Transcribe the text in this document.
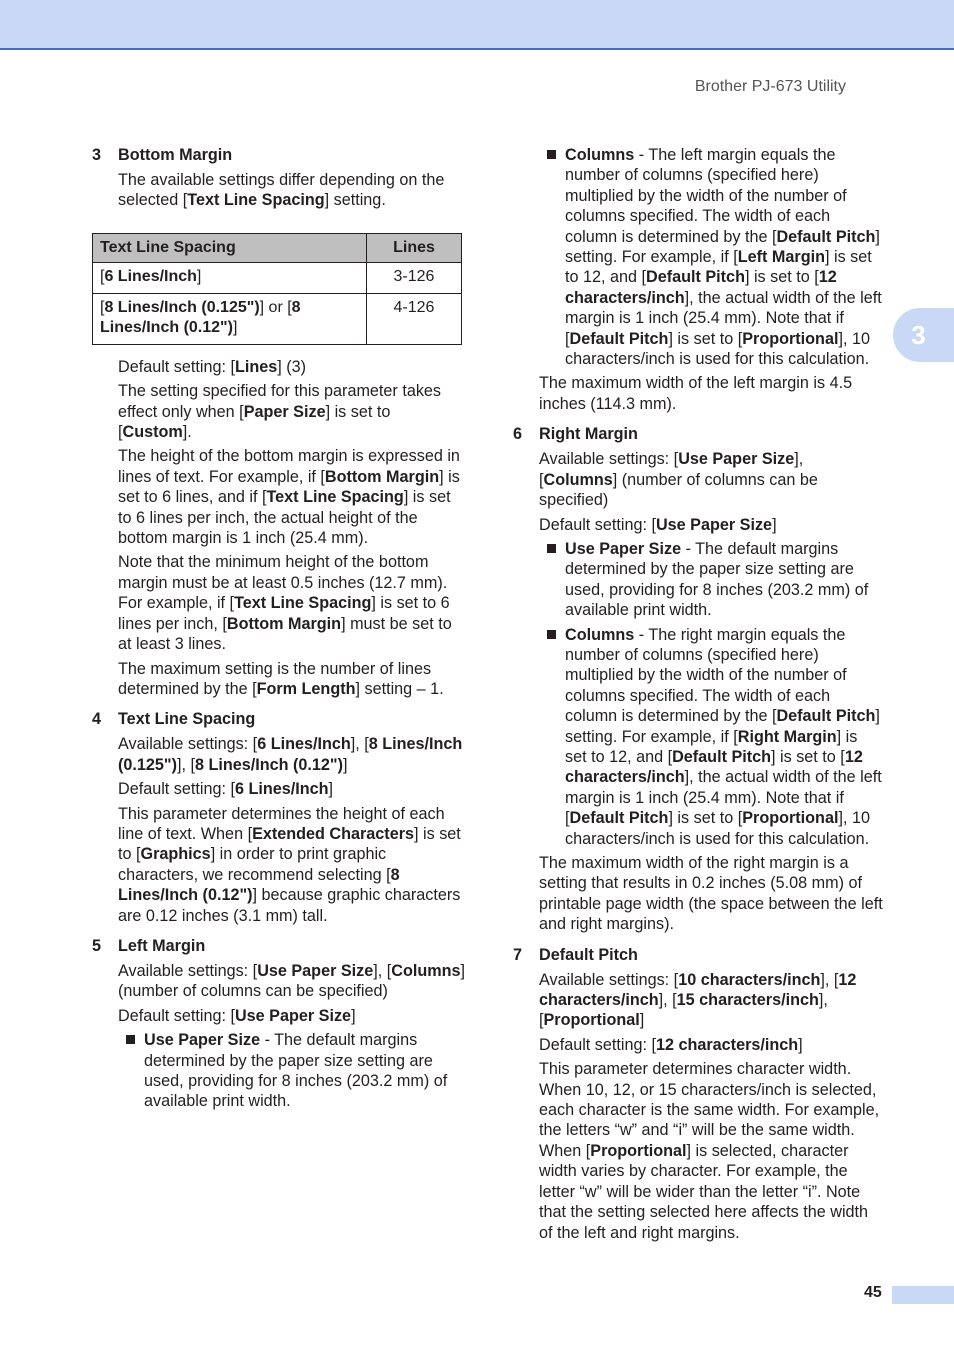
Brother PJ-673 Utility
3
3	Bottom Margin
The available settings differ depending on the selected [Text Line Spacing] setting.
Text Line Spacing	Lines
[6 Lines/Inch]	3-126
[8 Lines/Inch (0.125")] or [8 Lines/Inch (0.12")]	4-126
Default setting: [Lines] (3)
The setting specified for this parameter takes effect only when [Paper Size] is set to [Custom].
The height of the bottom margin is expressed in lines of text. For example, if [Bottom Margin] is set to 6 lines, and if [Text Line Spacing] is set to 6 lines per inch, the actual height of the bottom margin is 1 inch (25.4 mm).
Note that the minimum height of the bottom margin must be at least 0.5 inches (12.7 mm). For example, if [Text Line Spacing] is set to 6 lines per inch, [Bottom Margin] must be set to at least 3 lines.
The maximum setting is the number of lines determined by the [Form Length] setting – 1.
4	Text Line Spacing
Available settings: [6 Lines/Inch], [8 Lines/Inch (0.125")], [8 Lines/Inch (0.12")]
Default setting: [6 Lines/Inch]
This parameter determines the height of each line of text. When [Extended Characters] is set to [Graphics] in order to print graphic characters, we recommend selecting [8 Lines/Inch (0.12")] because graphic characters are 0.12 inches (3.1 mm) tall.
5	Left Margin
Available settings: [Use Paper Size], [Columns] (number of columns can be specified)
Default setting: [Use Paper Size]
Use Paper Size - The default margins determined by the paper size setting are used, providing for 8 inches (203.2 mm) of available print width.
Columns - The left margin equals the number of columns (specified here) multiplied by the width of the number of columns specified. The width of each column is determined by the [Default Pitch] setting. For example, if [Left Margin] is set to 12, and [Default Pitch] is set to [12 characters/inch], the actual width of the left margin is 1 inch (25.4 mm). Note that if [Default Pitch] is set to [Proportional], 10 characters/inch is used for this calculation.
The maximum width of the left margin is 4.5 inches (114.3 mm).
6	Right Margin
Available settings: [Use Paper Size], [Columns] (number of columns can be specified)
Default setting: [Use Paper Size]
Use Paper Size - The default margins determined by the paper size setting are used, providing for 8 inches (203.2 mm) of available print width.
Columns - The right margin equals the number of columns (specified here) multiplied by the width of the number of columns specified. The width of each column is determined by the [Default Pitch] setting. For example, if [Right Margin] is set to 12, and [Default Pitch] is set to [12 characters/inch], the actual width of the left margin is 1 inch (25.4 mm). Note that if [Default Pitch] is set to [Proportional], 10 characters/inch is used for this calculation.
The maximum width of the right margin is a setting that results in 0.2 inches (5.08 mm) of printable page width (the space between the left and right margins).
7	Default Pitch
Available settings: [10 characters/inch], [12 characters/inch], [15 characters/inch], [Proportional]
Default setting: [12 characters/inch]
This parameter determines character width. When 10, 12, or 15 characters/inch is selected, each character is the same width. For example, the letters “w” and “i” will be the same width. When [Proportional] is selected, character width varies by character. For example, the letter “w” will be wider than the letter “i”. Note that the setting selected here affects the width of the left and right margins.
45
